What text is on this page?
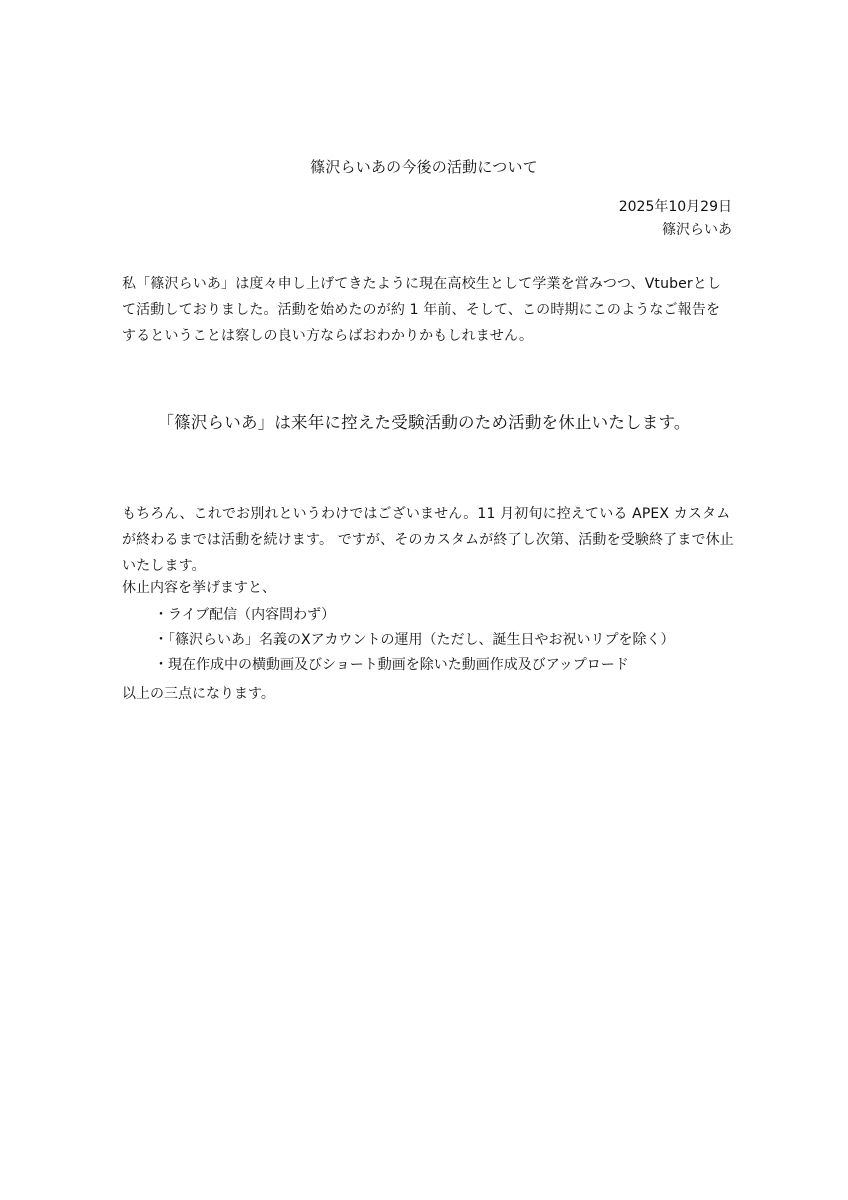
篠沢らいあの今後の活動について
2025年10月29日
篠沢らいあ

私「篠沢らいあ」は度々申し上げてきたように現在高校生として学業を営みつつ、Vtuberとして活動しておりました。活動を始めたのが約 1 年前、そして、この時期にこのようなご報告をするということは察しの良い方ならばおわかりかもしれません。

「篠沢らいあ」は来年に控えた受験活動のため活動を休止いたします。

もちろん、これでお別れというわけではございません。11 月初旬に控えている APEX カスタムが終わるまでは活動を続けます。 ですが、そのカスタムが終了し次第、活動を受験終了まで休止いたします。

休止内容を挙げますと、
・ライブ配信（内容問わず）
・「篠沢らいあ」名義のXアカウントの運用（ただし、誕生日やお祝いリプを除く）
・現在作成中の横動画及びショート動画を除いた動画作成及びアップロード
以上の三点になります。
